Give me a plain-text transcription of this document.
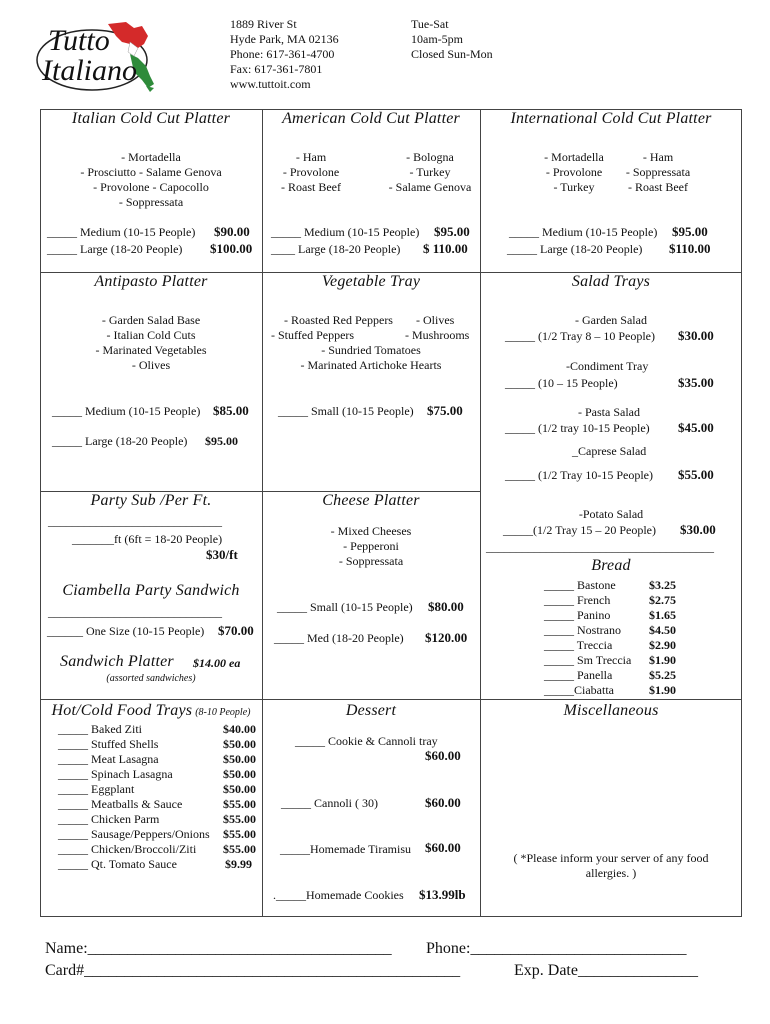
Tutto
Italiano
1889 River St
Hyde Park, MA 02136
Phone: 617-361-4700
Fax: 617-361-7801
www.tuttoit.com
Tue-Sat
10am-5pm
Closed Sun-Mon
Italian Cold Cut Platter
- Mortadella
- Prosciutto - Salame Genova
- Provolone - Capocollo
- Soppressata
_____ Medium (10-15 People) $90.00
_____ Large (18-20 People) $100.00
American Cold Cut Platter
- Ham
- Provolone
- Roast Beef
- Bologna
- Turkey
- Salame Genova
_____ Medium (10-15 People) $95.00
____ Large (18-20 People) $ 110.00
International Cold Cut Platter
- Mortadella
- Provolone
- Turkey
- Ham
- Soppressata
- Roast Beef
_____ Medium (10-15 People) $95.00
_____ Large (18-20 People) $110.00
Antipasto Platter
- Garden Salad Base
- Italian Cold Cuts
- Marinated Vegetables
- Olives
_____ Medium (10-15 People) $85.00
_____ Large (18-20 People) $95.00
Vegetable Tray
- Roasted Red Peppers - Olives
- Stuffed Peppers	- Mushrooms
- Sundried Tomatoes
- Marinated Artichoke Hearts
_____ Small (10-15 People) $75.00
Salad Trays
- Garden Salad
_____ (1/2 Tray 8 – 10 People) $30.00
-Condiment Tray
_____ (10 – 15 People)	$35.00
- Pasta Salad
_____ (1/2 tray 10-15 People) $45.00
_Caprese Salad
_____ (1/2 Tray 10-15 People) $55.00
Party Sub /Per Ft.
_____________________________
_______ft (6ft = 18-20 People)
$30/ft
Ciambella Party Sandwich
_____________________________
______ One Size (10-15 People) $70.00
Sandwich Platter $14.00 ea
(assorted sandwiches)
Cheese Platter
- Mixed Cheeses
- Pepperoni
- Soppressata
_____ Small (10-15 People) $80.00
_____ Med (18-20 People) $120.00
-Potato Salad
_____(1/2 Tray 15 – 20 People) $30.00
______________________________________
Bread
_____ Bastone	$3.25
_____ French	$2.75
_____ Panino	$1.65
_____ Nostrano $4.50
_____ Treccia	$2.90
_____ Sm Treccia $1.90
_____ Panella	$5.25
_____Ciabatta	$1.90
Hot/Cold Food Trays (8-10 People)
_____ Baked Ziti	$40.00
_____ Stuffed Shells	$50.00
_____ Meat Lasagna	$50.00
_____ Spinach Lasagna	$50.00
_____ Eggplant	$50.00
_____ Meatballs & Sauce	$55.00
_____ Chicken Parm	$55.00
_____ Sausage/Peppers/Onions $55.00
_____ Chicken/Broccoli/Ziti $55.00
_____ Qt. Tomato Sauce	$9.99
Dessert
_____ Cookie & Cannoli tray
$60.00
_____ Cannoli ( 30)	$60.00
_____Homemade Tiramisu $60.00
._____Homemade Cookies $13.99lb
Miscellaneous
( *Please inform your server of any food allergies. )
Name:______________________________________ Phone:___________________________
Card#_______________________________________________	Exp. Date_______________
